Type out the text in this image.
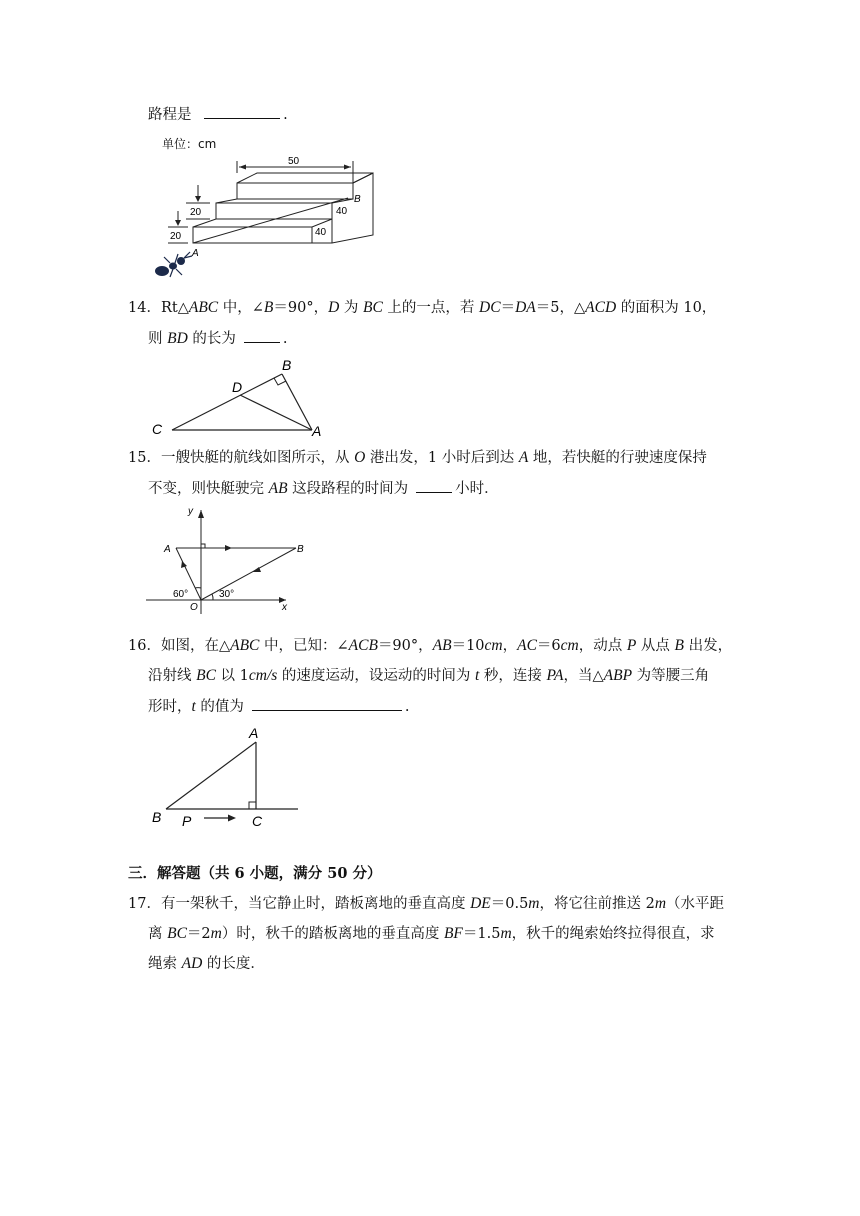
路程是	.
单位：cm
50
20
20
40
40
A
B
14．Rt△ABC 中，∠B＝90°，D 为 BC 上的一点，若 DC＝DA＝5，△ACD 的面积为 10，
则 BD 的长为	.
C	A
B
D
15．一艘快艇的航线如图所示，从 O 港出发，1 小时后到达 A 地，若快艇的行驶速度保持
不变，则快艇驶完 AB 这段路程的时间为	小时．
y
x
A	B
O
60°	30°
16．如图，在△ABC 中，已知：∠ACB＝90°，AB＝10cm，AC＝6cm，动点 P 从点 B 出发，
沿射线 BC 以 1cm/s 的速度运动，设运动的时间为 t 秒，连接 PA，当△ABP 为等腰三角
形时，t 的值为	.
A
B	C
P
三．解答题（共 6 小题，满分 50 分）
17．有一架秋千，当它静止时，踏板离地的垂直高度 DE＝0.5m，将它往前推送 2m（水平距
离 BC＝2m）时，秋千的踏板离地的垂直高度 BF＝1.5m，秋千的绳索始终拉得很直，求
绳索 AD 的长度．
